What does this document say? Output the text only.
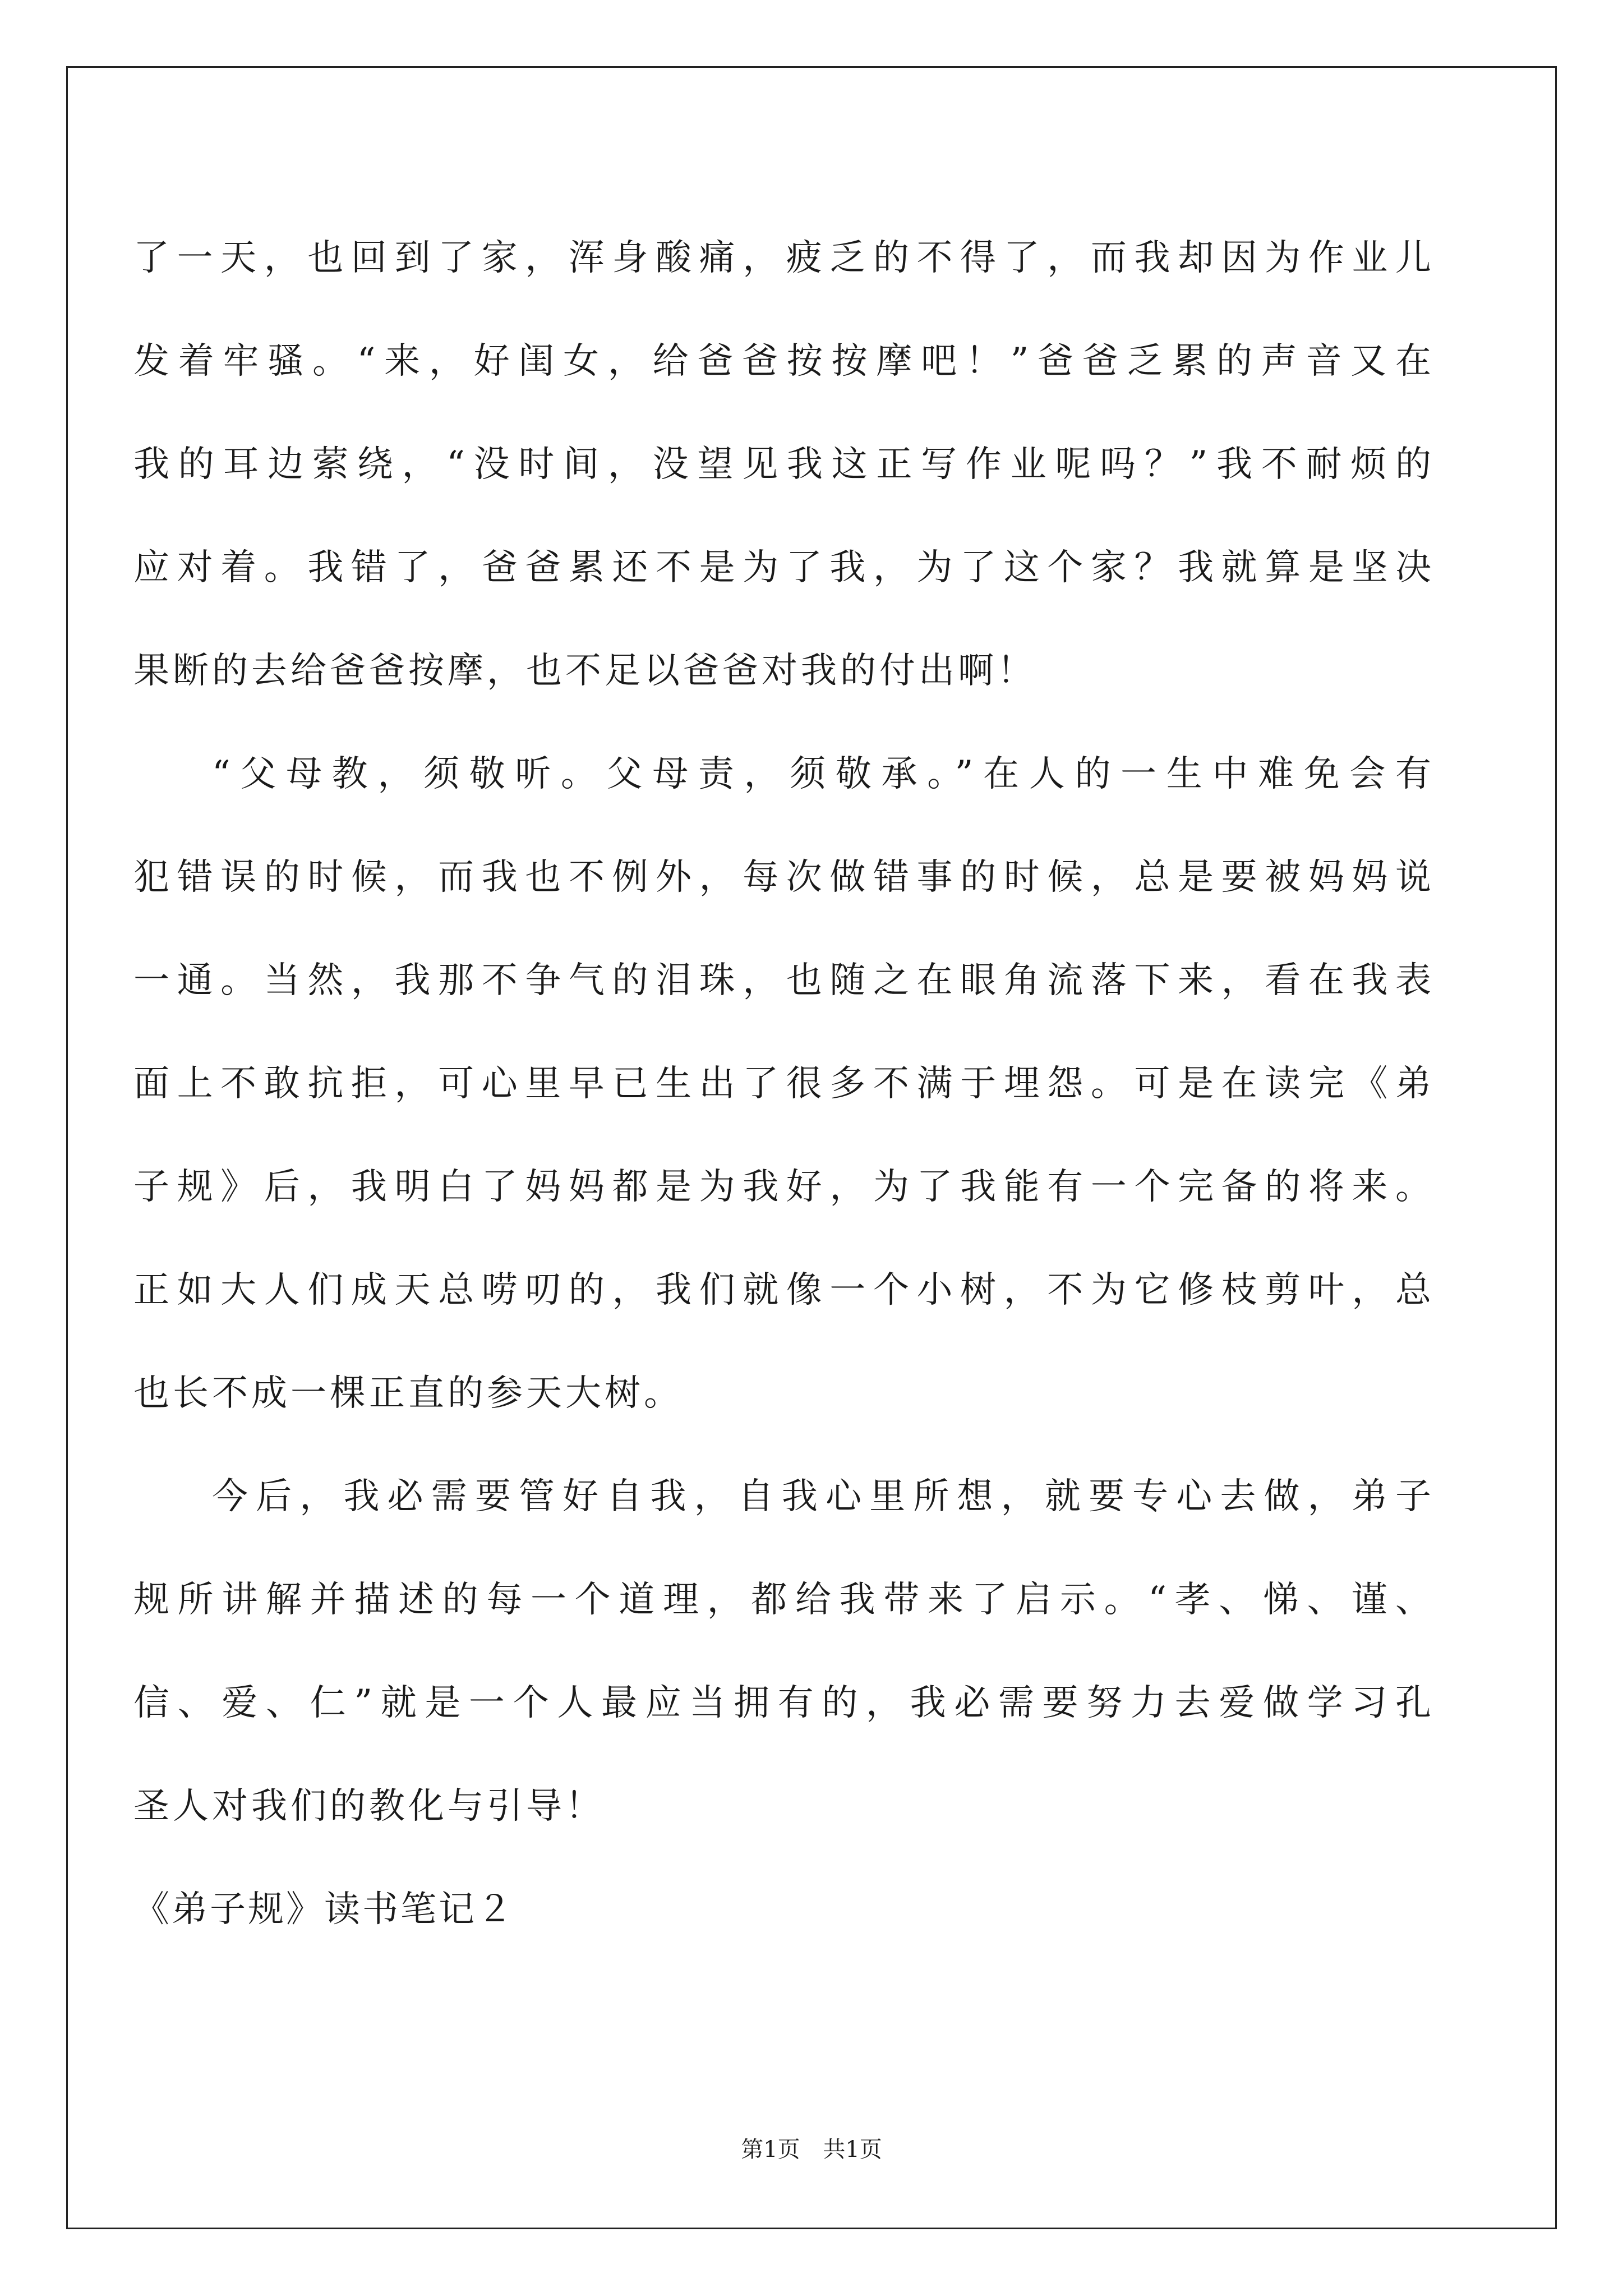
了一天，也回到了家，浑身酸痛，疲乏的不得了，而我却因为作业儿
发着牢骚。“来，好闺女，给爸爸按按摩吧！”爸爸乏累的声音又在
我的耳边萦绕，“没时间，没望见我这正写作业呢吗？”我不耐烦的
应对着。我错了，爸爸累还不是为了我，为了这个家？我就算是坚决
果断的去给爸爸按摩，也不足以爸爸对我的付出啊！
“父母教，须敬听。父母责，须敬承。”在人的一生中难免会有
犯错误的时候，而我也不例外，每次做错事的时候，总是要被妈妈说
一通。当然，我那不争气的泪珠，也随之在眼角流落下来，看在我表
面上不敢抗拒，可心里早已生出了很多不满于埋怨。可是在读完《弟
子规》后，我明白了妈妈都是为我好，为了我能有一个完备的将来。
正如大人们成天总唠叨的，我们就像一个小树，不为它修枝剪叶，总
也长不成一棵正直的参天大树。
今后，我必需要管好自我，自我心里所想，就要专心去做，弟子
规所讲解并描述的每一个道理，都给我带来了启示。“孝、悌、谨、
信、爱、仁”就是一个人最应当拥有的，我必需要努力去爱做学习孔
圣人对我们的教化与引导！
《弟子规》读书笔记２
第1页 共1页
